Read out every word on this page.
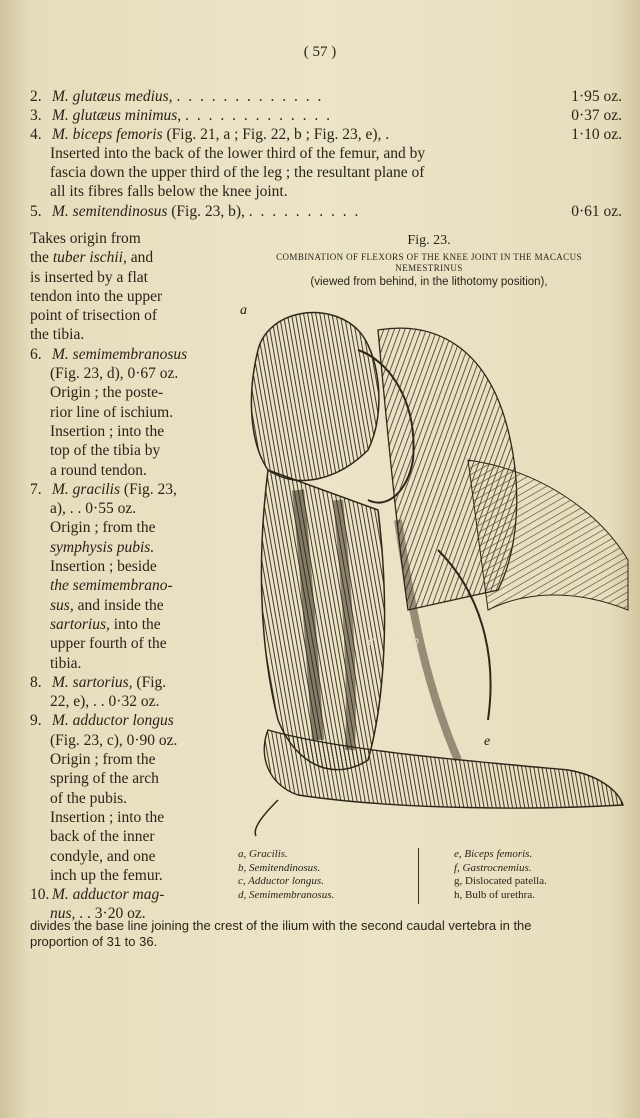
( 57 )
2. M. glutæus medius, . . . . . . . . . . . . .	1·95 oz.
3. M. glutæus minimus, . . . . . . . . . . . . .	0·37 oz.
4. M. biceps femoris (Fig. 21, a ; Fig. 22, b ; Fig. 23, e), .	1·10 oz.
Inserted into the back of the lower third of the femur, and by
fascia down the upper third of the leg ; the resultant plane of
all its fibres falls below the knee joint.
5. M. semitendinosus (Fig. 23, b), . . . . . . . . . .	0·61 oz.

Takes origin from

the tuber ischii, and

is inserted by a flat

tendon into the upper

point of trisection of

the tibia.

6. M. semimembranosus

(Fig. 23, d), 0·67 oz.

Origin ; the poste-

rior line of ischium.

Insertion ; into the

top of the tibia by

a round tendon.

7. M. gracilis (Fig. 23,

a), . . 0·55 oz.

Origin ; from the

symphysis pubis.

Insertion ; beside

the semimembrano-

sus, and inside the

sartorius, into the

upper fourth of the

tibia.

8. M. sartorius, (Fig.

22, e), . . 0·32 oz.

9. M. adductor longus

(Fig. 23, c), 0·90 oz.

Origin ; from the

spring of the arch

of the pubis.

Insertion ; into the

back of the inner

condyle, and one

inch up the femur.

10. M. adductor mag-

nus, . . 3·20 oz.

Fig. 23.
COMBINATION OF FLEXORS OF THE KNEE JOINT IN THE MACACUS
NEMESTRINUS
(viewed from behind, in the lithotomy position),
a
c d b
e
a, Gracilis.
b, Semitendinosus.
c, Adductor longus.
d, Semimembranosus.
e, Biceps femoris.
f, Gastrocnemius.
g, Dislocated patella.
h, Bulb of urethra.
divides the base line joining the crest of the ilium with the second caudal vertebra in the
proportion of 31 to 36.
